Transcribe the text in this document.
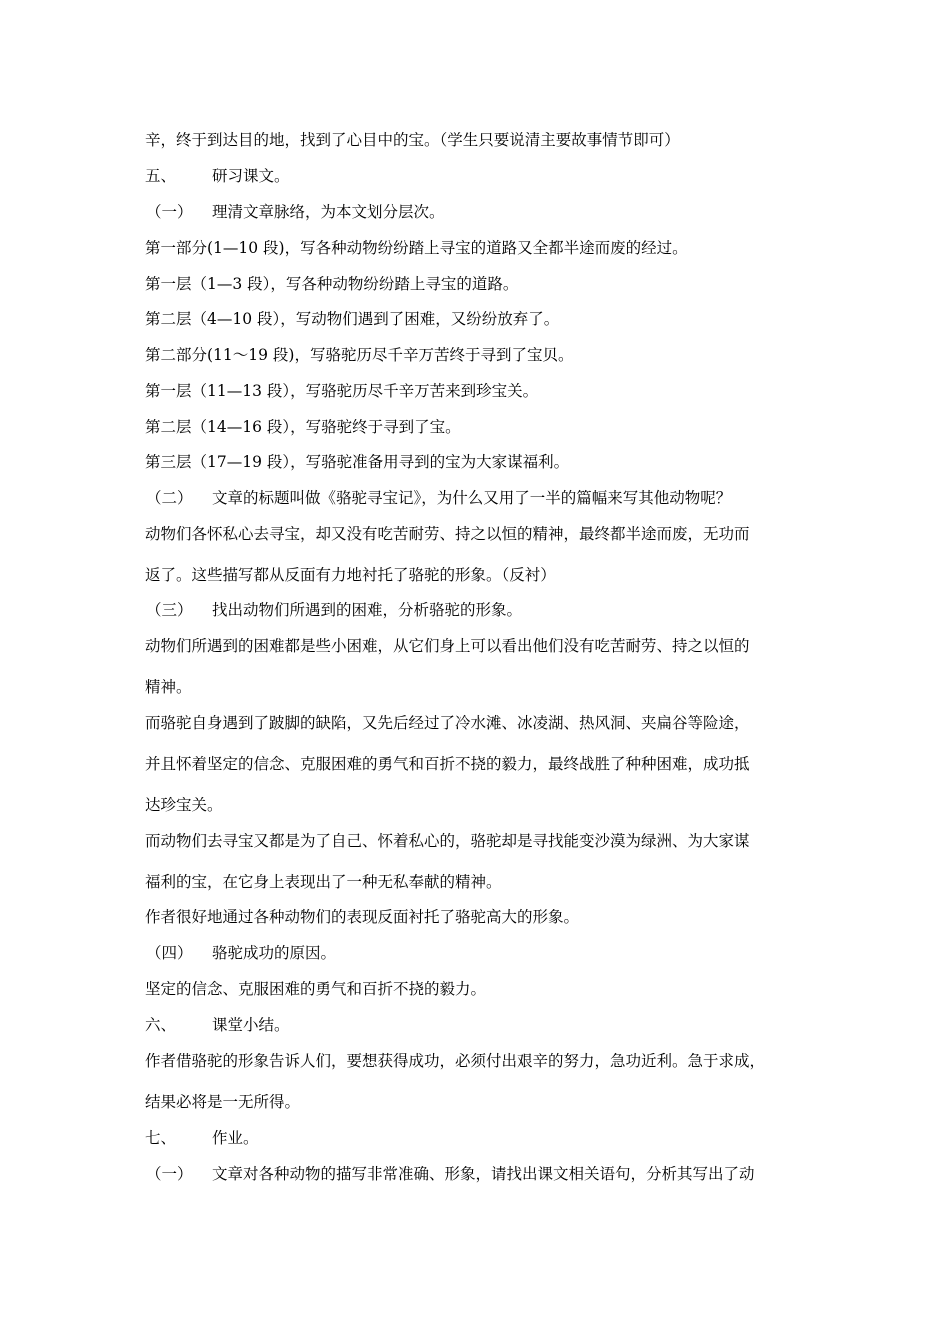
辛，终于到达目的地，找到了心目中的宝。（学生只要说清主要故事情节即可）
五、 研习课文。
（一） 理清文章脉络，为本文划分层次。
第一部分(1—10 段)，写各种动物纷纷踏上寻宝的道路又全都半途而废的经过。
第一层（1—3 段），写各种动物纷纷踏上寻宝的道路。
第二层（4—10 段），写动物们遇到了困难，又纷纷放弃了。
第二部分(11～19 段)，写骆驼历尽千辛万苦终于寻到了宝贝。
第一层（11—13 段），写骆驼历尽千辛万苦来到珍宝关。
第二层（14—16 段），写骆驼终于寻到了宝。
第三层（17—19 段），写骆驼准备用寻到的宝为大家谋福利。
（二） 文章的标题叫做《骆驼寻宝记》，为什么又用了一半的篇幅来写其他动物呢？
动物们各怀私心去寻宝，却又没有吃苦耐劳、持之以恒的精神，最终都半途而废，无功而
返了。这些描写都从反面有力地衬托了骆驼的形象。（反衬）
（三） 找出动物们所遇到的困难，分析骆驼的形象。
动物们所遇到的困难都是些小困难，从它们身上可以看出他们没有吃苦耐劳、持之以恒的
精神。
而骆驼自身遇到了跛脚的缺陷，又先后经过了冷水滩、冰凌湖、热风洞、夹扁谷等险途，
并且怀着坚定的信念、克服困难的勇气和百折不挠的毅力，最终战胜了种种困难，成功抵
达珍宝关。
而动物们去寻宝又都是为了自己、怀着私心的，骆驼却是寻找能变沙漠为绿洲、为大家谋
福利的宝，在它身上表现出了一种无私奉献的精神。
作者很好地通过各种动物们的表现反面衬托了骆驼高大的形象。
（四） 骆驼成功的原因。
坚定的信念、克服困难的勇气和百折不挠的毅力。
六、 课堂小结。
作者借骆驼的形象告诉人们，要想获得成功，必须付出艰辛的努力，急功近利。急于求成，
结果必将是一无所得。
七、 作业。
（一） 文章对各种动物的描写非常准确、形象，请找出课文相关语句，分析其写出了动
